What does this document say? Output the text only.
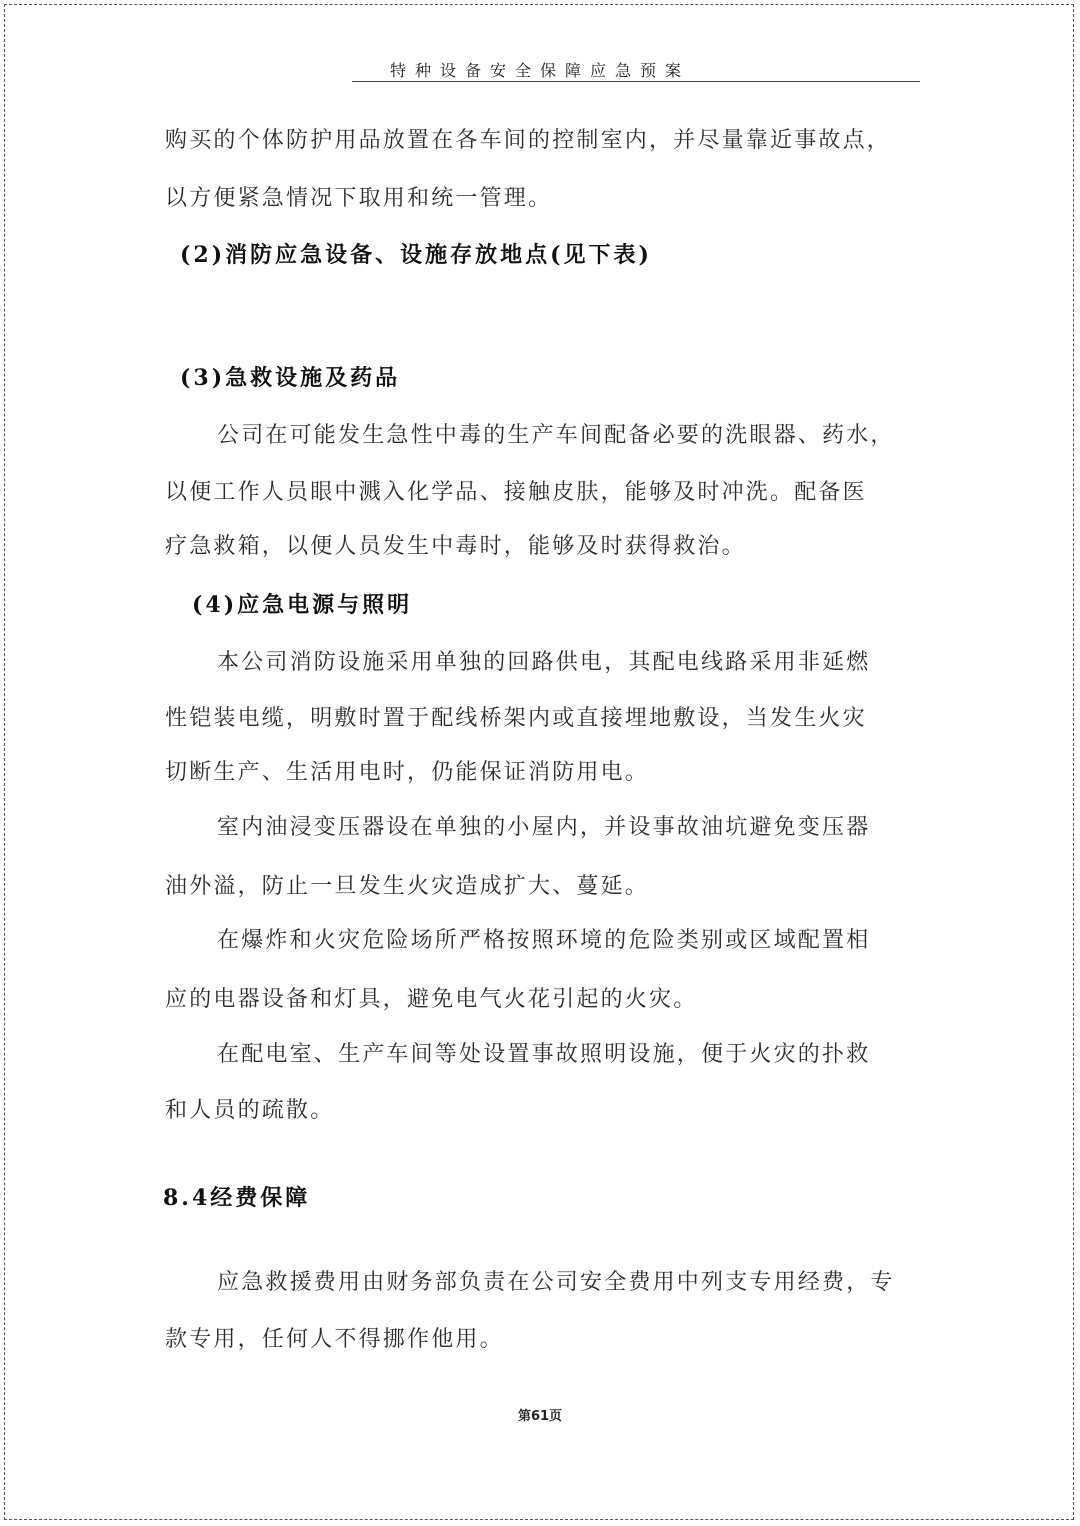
特种设备安全保障应急预案
购买的个体防护用品放置在各车间的控制室内，并尽量靠近事故点，
以方便紧急情况下取用和统一管理。
(2)消防应急设备、设施存放地点(见下表)
(3)急救设施及药品
公司在可能发生急性中毒的生产车间配备必要的洗眼器、药水，
以便工作人员眼中溅入化学品、接触皮肤，能够及时冲洗。配备医
疗急救箱，以便人员发生中毒时，能够及时获得救治。
(4)应急电源与照明
本公司消防设施采用单独的回路供电，其配电线路采用非延燃
性铠装电缆，明敷时置于配线桥架内或直接埋地敷设，当发生火灾
切断生产、生活用电时，仍能保证消防用电。
室内油浸变压器设在单独的小屋内，并设事故油坑避免变压器
油外溢，防止一旦发生火灾造成扩大、蔓延。
在爆炸和火灾危险场所严格按照环境的危险类别或区域配置相
应的电器设备和灯具，避免电气火花引起的火灾。
在配电室、生产车间等处设置事故照明设施，便于火灾的扑救
和人员的疏散。
8.4经费保障
应急救援费用由财务部负责在公司安全费用中列支专用经费，专
款专用，任何人不得挪作他用。
第61页
